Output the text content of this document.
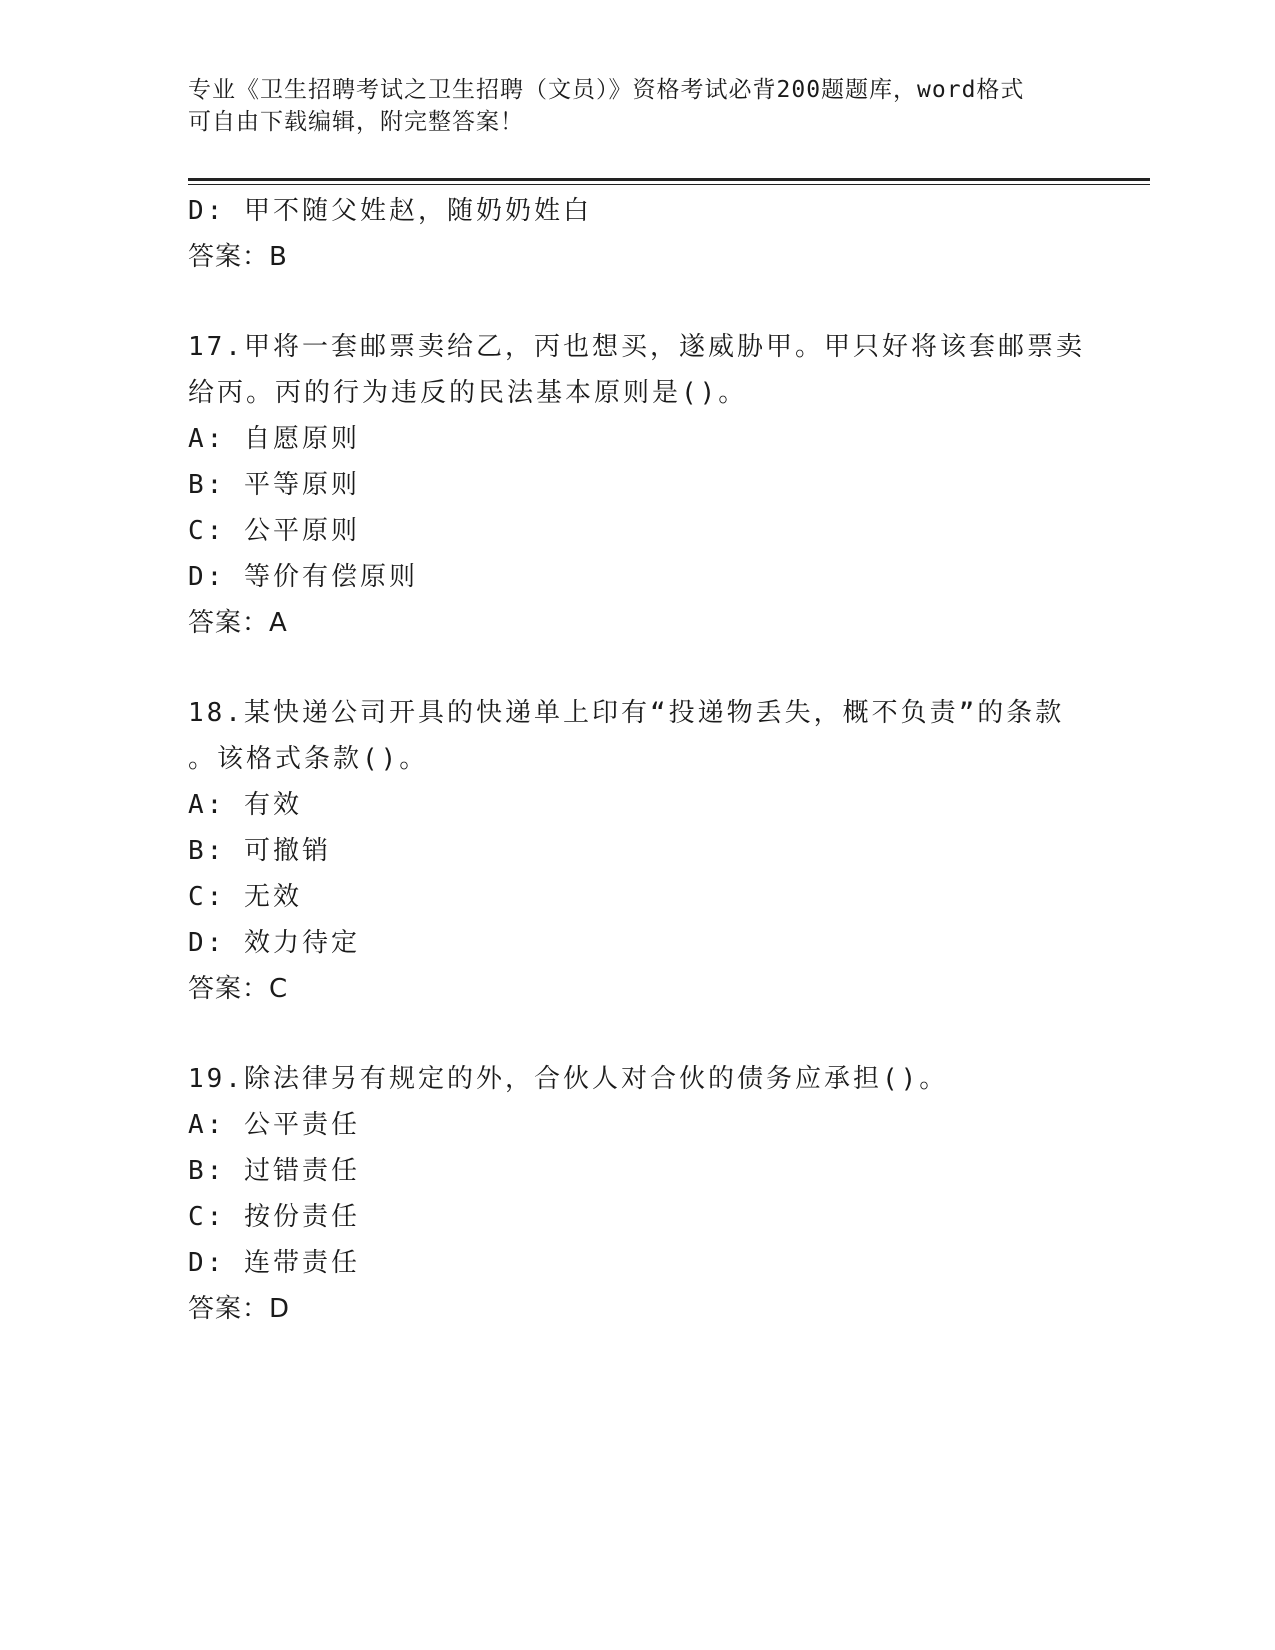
专业《卫生招聘考试之卫生招聘（文员）》资格考试必背200题题库，word格式
可自由下载编辑，附完整答案！
D: 甲不随父姓赵，随奶奶姓白
答案：B
17.甲将一套邮票卖给乙，丙也想买，遂威胁甲。甲只好将该套邮票卖
给丙。丙的行为违反的民法基本原则是()。
A: 自愿原则
B: 平等原则
C: 公平原则
D: 等价有偿原则
答案：A
18.某快递公司开具的快递单上印有“投递物丢失，概不负责”的条款
。该格式条款()。
A: 有效
B: 可撤销
C: 无效
D: 效力待定
答案：C
19.除法律另有规定的外，合伙人对合伙的债务应承担()。
A: 公平责任
B: 过错责任
C: 按份责任
D: 连带责任
答案：D
